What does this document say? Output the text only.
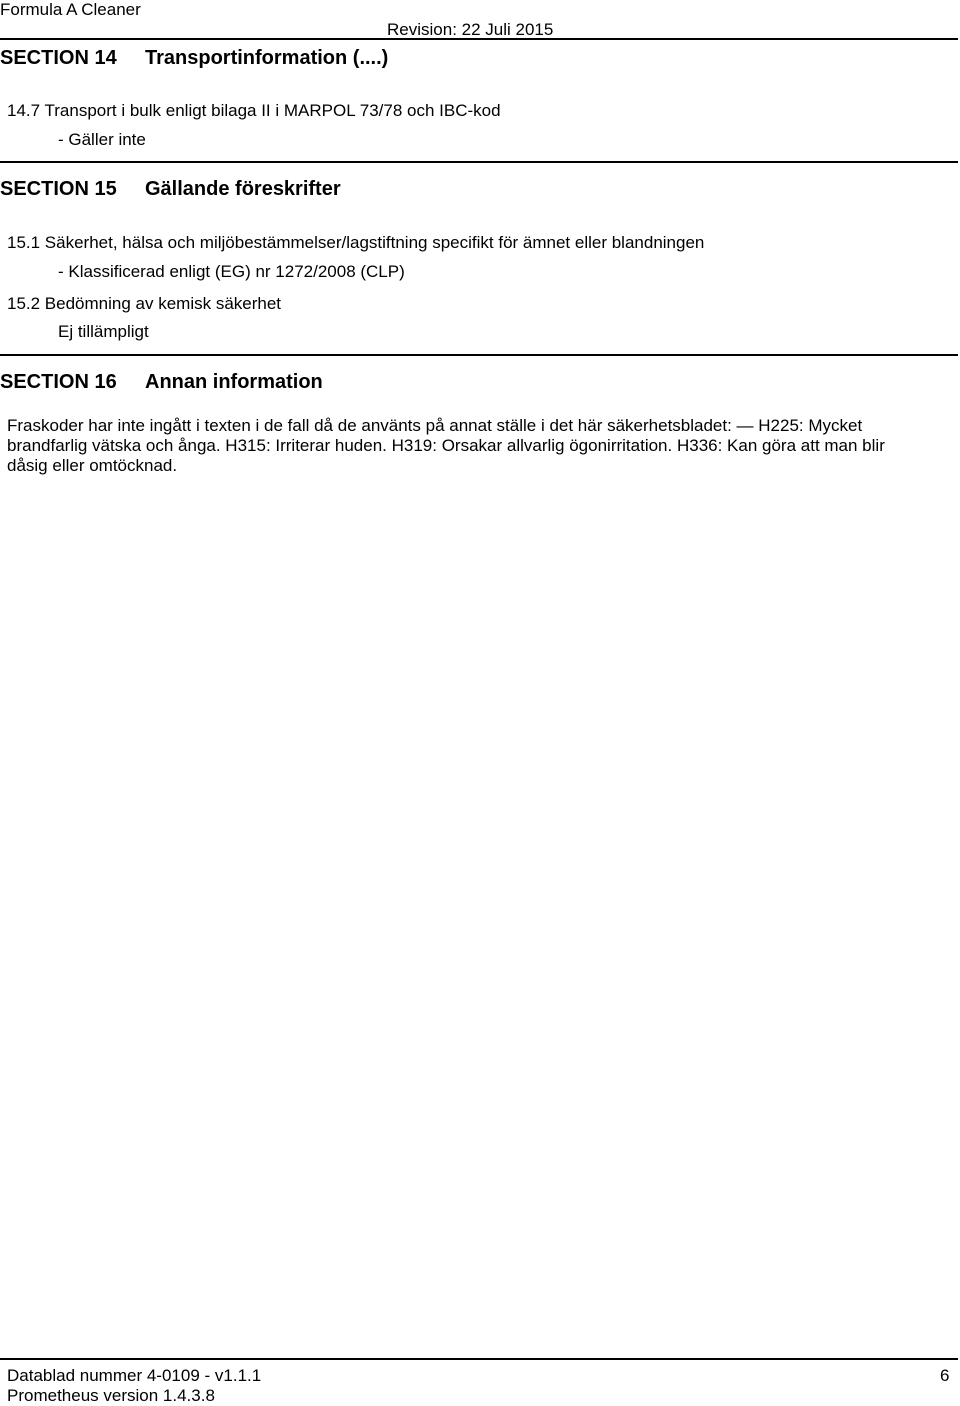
Formula A Cleaner
Revision: 22 Juli 2015
SECTION 14 Transportinformation (....)
14.7 Transport i bulk enligt bilaga II i MARPOL 73/78 och IBC-kod
- Gäller inte
SECTION 15 Gällande föreskrifter
15.1 Säkerhet, hälsa och miljöbestämmelser/lagstiftning specifikt för ämnet eller blandningen
- Klassificerad enligt (EG) nr 1272/2008 (CLP)
15.2 Bedömning av kemisk säkerhet
Ej tillämpligt
SECTION 16 Annan information
Fraskoder har inte ingått i texten i de fall då de använts på annat ställe i det här säkerhetsbladet: — H225: Mycket brandfarlig vätska och ånga. H315: Irriterar huden. H319: Orsakar allvarlig ögonirritation. H336: Kan göra att man blir dåsig eller omtöcknad.
Datablad nummer 4-0109 - v1.1.1	6
Prometheus version 1.4.3.8
